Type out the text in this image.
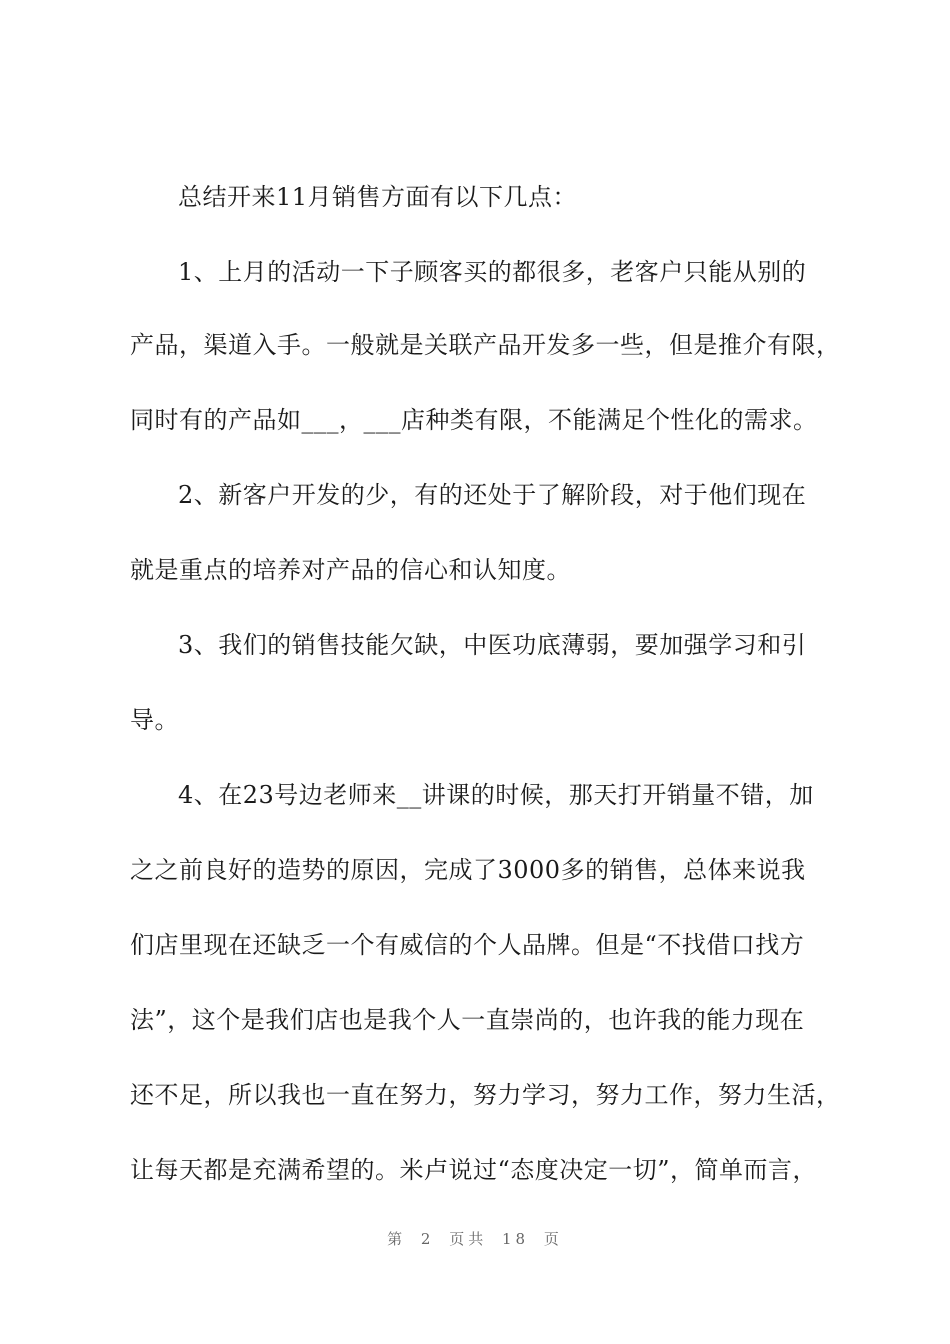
总结开来11月销售方面有以下几点：
1、上月的活动一下子顾客买的都很多，老客户只能从别的
产品，渠道入手。一般就是关联产品开发多一些，但是推介有限，
同时有的产品如___，___店种类有限，不能满足个性化的需求。
2、新客户开发的少，有的还处于了解阶段，对于他们现在
就是重点的培养对产品的信心和认知度。
3、我们的销售技能欠缺，中医功底薄弱，要加强学习和引
导。
4、在23号边老师来__讲课的时候，那天打开销量不错，加
之之前良好的造势的原因，完成了3000多的销售，总体来说我
们店里现在还缺乏一个有威信的个人品牌。但是“不找借口找方
法”，这个是我们店也是我个人一直崇尚的，也许我的能力现在
还不足，所以我也一直在努力，努力学习，努力工作，努力生活，
让每天都是充满希望的。米卢说过“态度决定一切”，简单而言，
第 2 页共 18 页
